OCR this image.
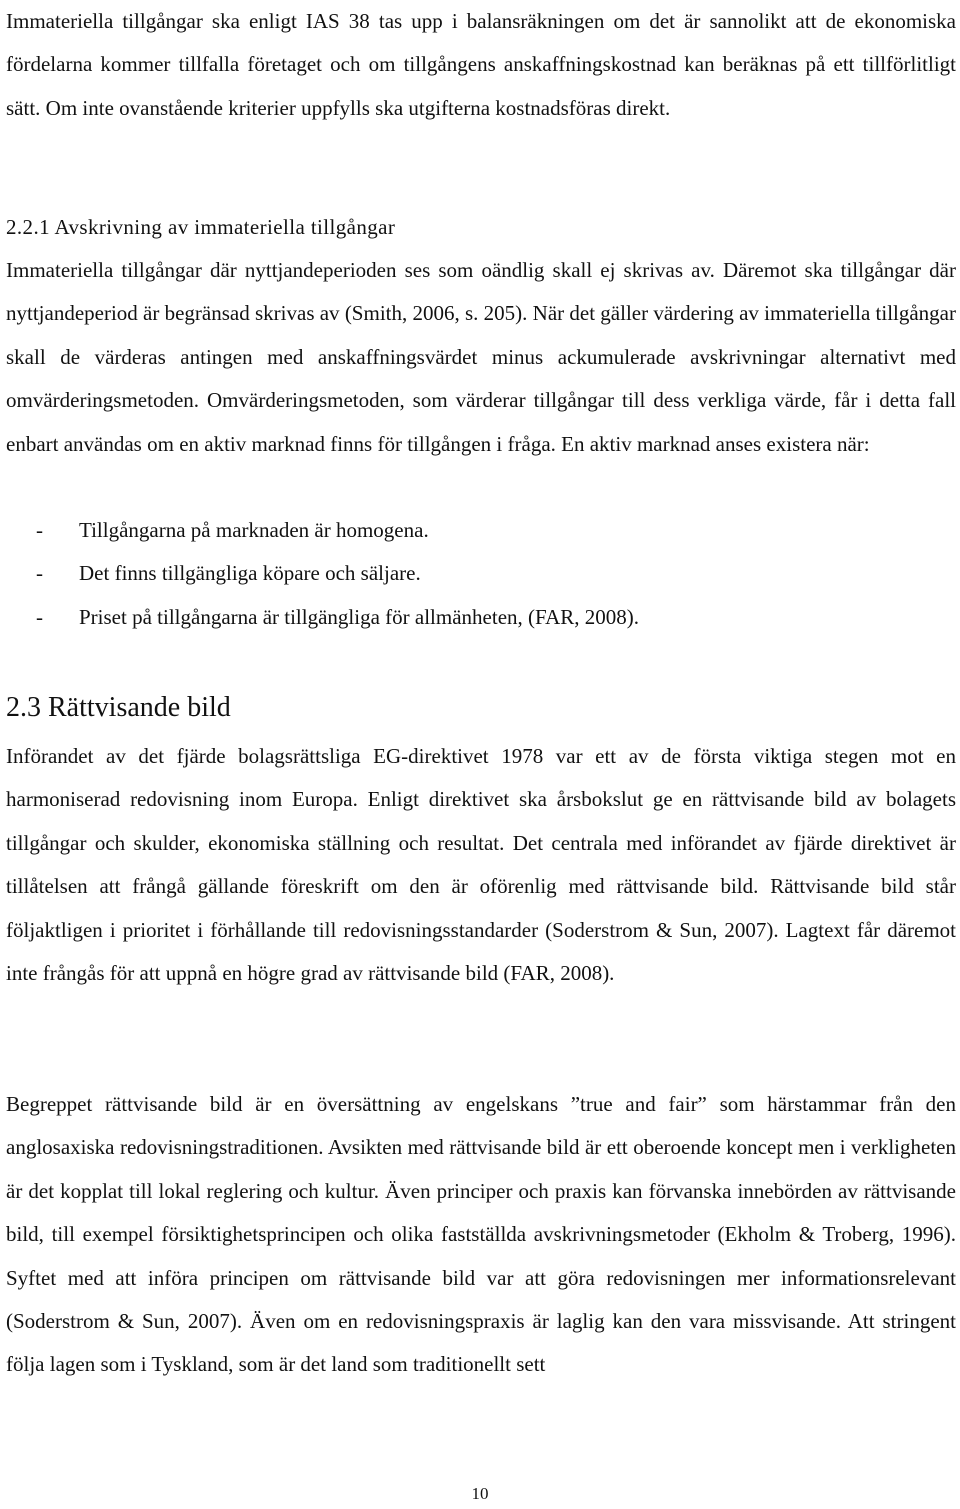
Immateriella tillgångar ska enligt IAS 38 tas upp i balansräkningen om det är sannolikt att de ekonomiska fördelarna kommer tillfalla företaget och om tillgångens anskaffningskostnad kan beräknas på ett tillförlitligt sätt. Om inte ovanstående kriterier uppfylls ska utgifterna kostnadsföras direkt.

2.2.1 Avskrivning av immateriella tillgångar

Immateriella tillgångar där nyttjandeperioden ses som oändlig skall ej skrivas av. Däremot ska tillgångar där nyttjandeperiod är begränsad skrivas av (Smith, 2006, s. 205). När det gäller värdering av immateriella tillgångar skall de värderas antingen med anskaffningsvärdet minus ackumulerade avskrivningar alternativt med omvärderingsmetoden. Omvärderingsmetoden, som värderar tillgångar till dess verkliga värde, får i detta fall enbart användas om en aktiv marknad finns för tillgången i fråga. En aktiv marknad anses existera när:

- Tillgångarna på marknaden är homogena.
- Det finns tillgängliga köpare och säljare.
- Priset på tillgångarna är tillgängliga för allmänheten, (FAR, 2008).
2.3 Rättvisande bild

Införandet av det fjärde bolagsrättsliga EG-direktivet 1978 var ett av de första viktiga stegen mot en harmoniserad redovisning inom Europa. Enligt direktivet ska årsbokslut ge en rättvisande bild av bolagets tillgångar och skulder, ekonomiska ställning och resultat. Det centrala med införandet av fjärde direktivet är tillåtelsen att frångå gällande föreskrift om den är oförenlig med rättvisande bild. Rättvisande bild står följaktligen i prioritet i förhållande till redovisningsstandarder (Soderstrom & Sun, 2007). Lagtext får däremot inte frångås för att uppnå en högre grad av rättvisande bild (FAR, 2008).

Begreppet rättvisande bild är en översättning av engelskans ”true and fair” som härstammar från den anglosaxiska redovisningstraditionen. Avsikten med rättvisande bild är ett oberoende koncept men i verkligheten är det kopplat till lokal reglering och kultur. Även principer och praxis kan förvanska innebörden av rättvisande bild, till exempel försiktighetsprincipen och olika fastställda avskrivningsmetoder (Ekholm & Troberg, 1996). Syftet med att införa principen om rättvisande bild var att göra redovisningen mer informationsrelevant (Soderstrom & Sun, 2007). Även om en redovisningspraxis är laglig kan den vara missvisande. Att stringent följa lagen som i Tyskland, som är det land som traditionellt sett

10
